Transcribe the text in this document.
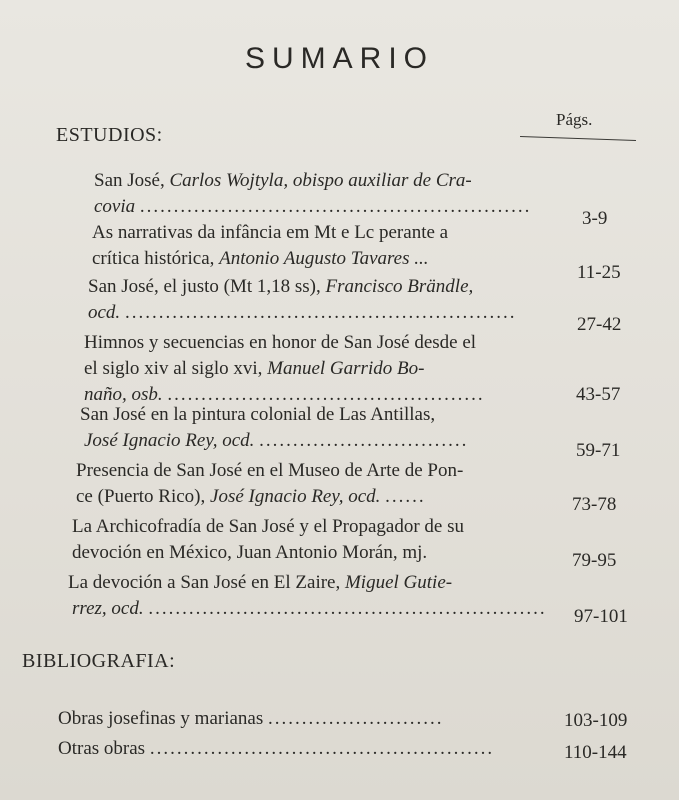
SUMARIO
Págs.
ESTUDIOS:
San José, Carlos Wojtyla, obispo auxiliar de Cra-
covia ..........................................................
3-9
As narrativas da infância em Mt e Lc perante a
crítica histórica, Antonio Augusto Tavares ...
11-25
San José, el justo (Mt 1,18 ss), Francisco Brändle,
ocd. ..........................................................
27-42
Himnos y secuencias en honor de San José desde el
el siglo xiv al siglo xvi, Manuel Garrido Bo-
naño, osb. ...............................................	43-57
San José en la pintura colonial de Las Antillas,
José Ignacio Rey, ocd. ...............................	59-71
Presencia de San José en el Museo de Arte de Pon-
ce (Puerto Rico), José Ignacio Rey, ocd. ......	73-78
La Archicofradía de San José y el Propagador de su
devoción en México, Juan Antonio Morán, mj.	79-95
La devoción a San José en El Zaire, Miguel Gutie-
rrez, ocd. ........................................................... 97-101
BIBLIOGRAFIA:
Obras josefinas y marianas ..........................	103-109
Otras obras ...................................................	110-144
